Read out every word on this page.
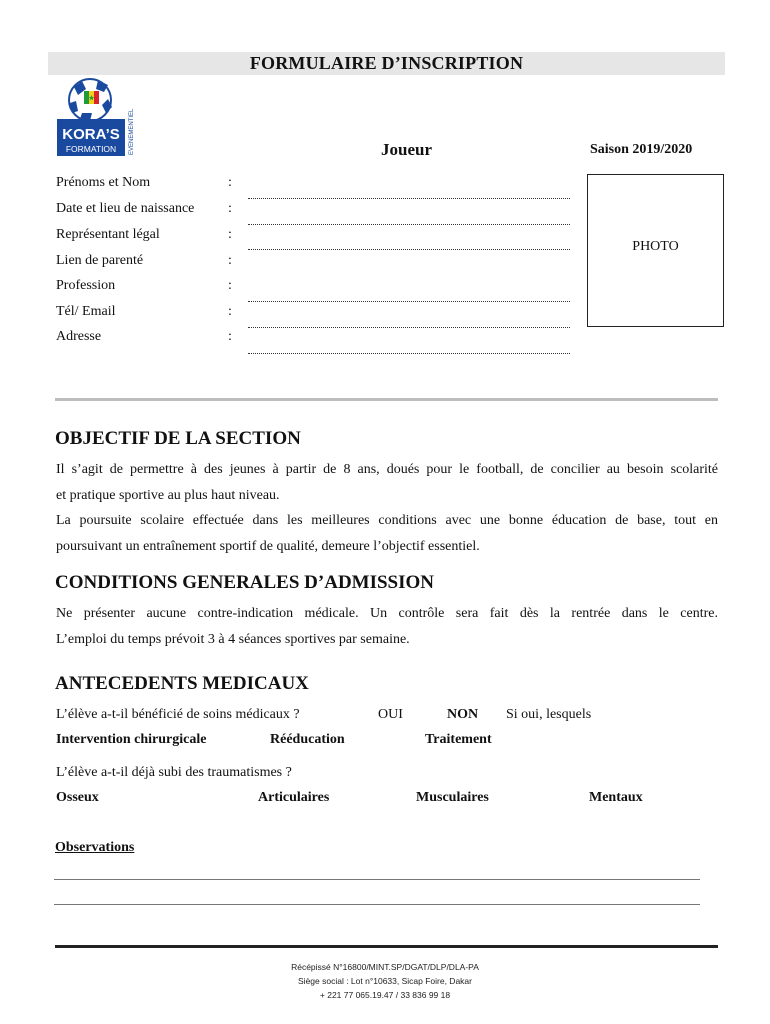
FORMULAIRE D’INSCRIPTION
KORA’S
FORMATION EVENEMENTIEL	Joueur	Saison 2019/2020
Prénoms et Nom	:
Date et lieu de naissance :
Représentant légal	:
Lien de parenté	:
Profession	:
Tél/ Email	:
Adresse	:
PHOTO
OBJECTIF DE LA SECTION
Il s’agit de permettre à des jeunes à partir de 8 ans, doués pour le football, de concilier au besoin scolarité
et pratique sportive au plus haut niveau.
La poursuite scolaire effectuée dans les meilleures conditions avec une bonne éducation de base, tout en
poursuivant un entraînement sportif de qualité, demeure l’objectif essentiel.
CONDITIONS GENERALES D’ADMISSION
Ne présenter aucune contre-indication médicale. Un contrôle sera fait dès la rentrée dans le centre.
L’emploi du temps prévoit 3 à 4 séances sportives par semaine.
ANTECEDENTS MEDICAUX
L’élève a-t-il bénéficié de soins médicaux ?	OUI	NON Si oui, lesquels
Intervention chirurgicale	Rééducation	Traitement
L’élève a-t-il déjà subi des traumatismes ?
Osseux	Articulaires	Musculaires	Mentaux
Observations
Récépissé N°16800/MINT.SP/DGAT/DLP/DLA-PA
Siège social : Lot n°10633, Sicap Foire, Dakar
+ 221 77 065.19.47 / 33 836 99 18
